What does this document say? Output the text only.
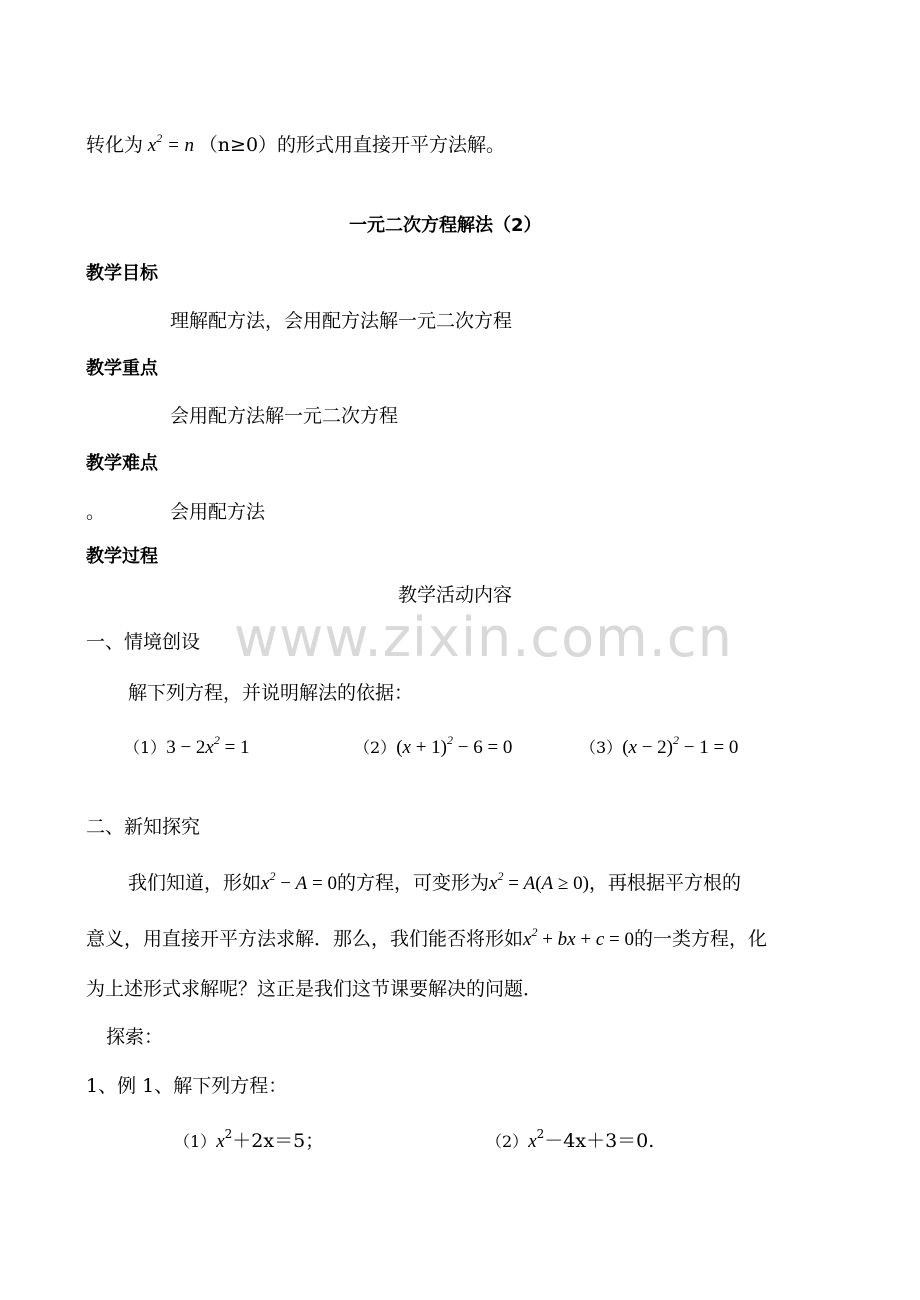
转化为 $x^2 = n$ （n≥0）的形式用直接开平方法解。
一元二次方程解法（2）
教学目标
理解配方法，会用配方法解一元二次方程
教学重点
会用配方法解一元二次方程
教学难点
。	会用配方法
教学过程
教学活动内容
www.zixin.com.cn
一、情境创设
解下列方程，并说明解法的依据：
$(1)3 - 2x^2 = 1$	$(2)(x + 1)^2 - 6 = 0$	$(3)(x - 2)^2 - 1 = 0$
二、新知探究
我们知道，形如$x^2 - A = 0$的方程，可变形为$x^2 = A(A \ge 0)$，再根据平方根的
意义，用直接开平方法求解．那么，我们能否将形如$x^2$ + bx + c = 0的一类方程，化
为上述形式求解呢？这正是我们这节课要解决的问题．
探索：
1、例 1、解下列方程：
$(1)x^2+2x=5$；	$(2)x^2-4x+3=0$.
